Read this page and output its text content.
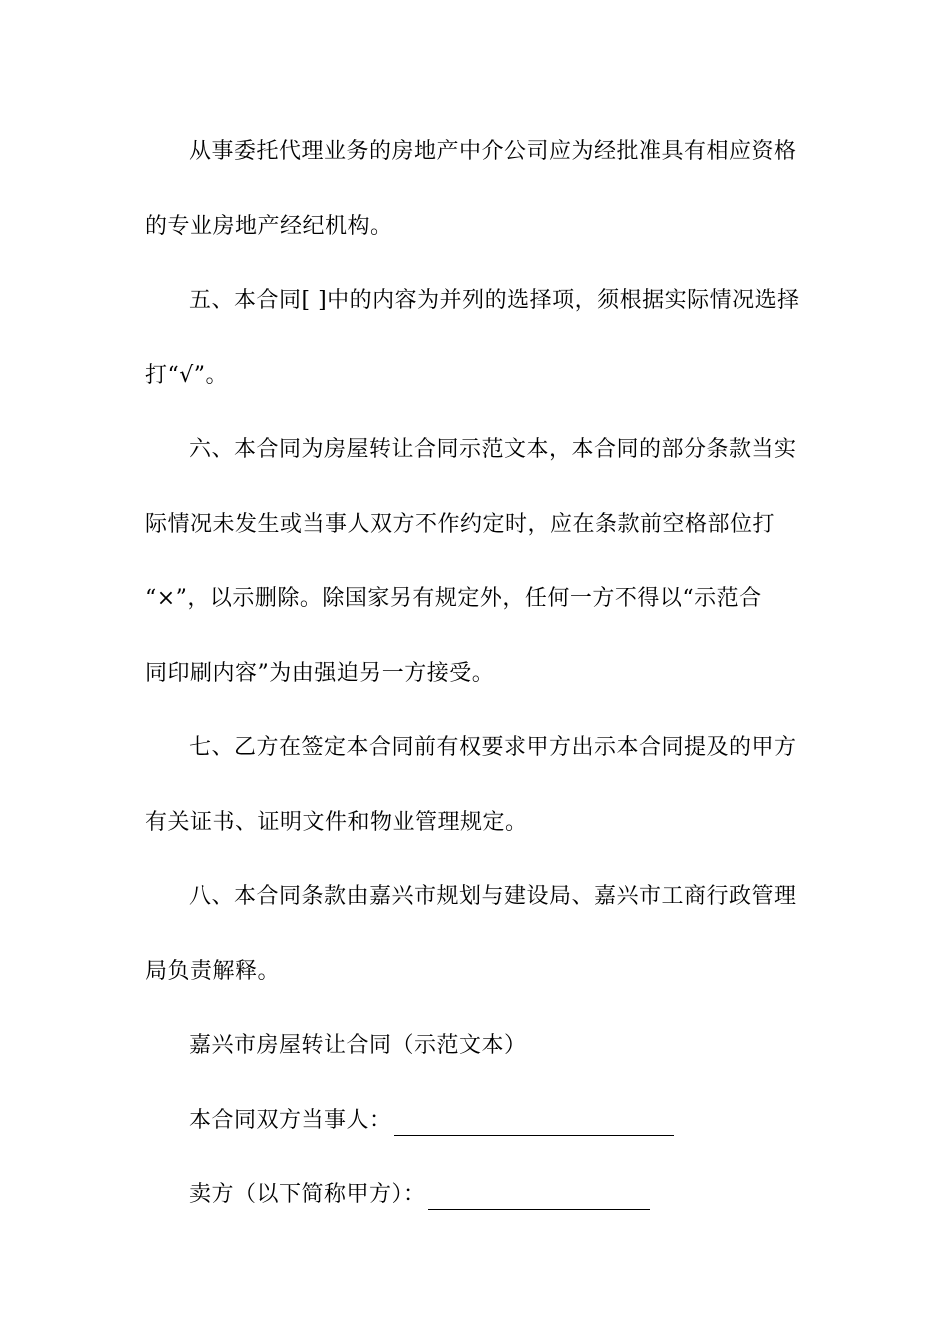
从事委托代理业务的房地产中介公司应为经批准具有相应资格
的专业房地产经纪机构。
五、本合同[ ]中的内容为并列的选择项，须根据实际情况选择
打“√”。
六、本合同为房屋转让合同示范文本，本合同的部分条款当实
际情况未发生或当事人双方不作约定时，应在条款前空格部位打
“×”，以示删除。除国家另有规定外，任何一方不得以“示范合
同印刷内容”为由强迫另一方接受。
七、乙方在签定本合同前有权要求甲方出示本合同提及的甲方
有关证书、证明文件和物业管理规定。
八、本合同条款由嘉兴市规划与建设局、嘉兴市工商行政管理
局负责解释。
嘉兴市房屋转让合同（示范文本）
本合同双方当事人：
卖方（以下简称甲方）：
